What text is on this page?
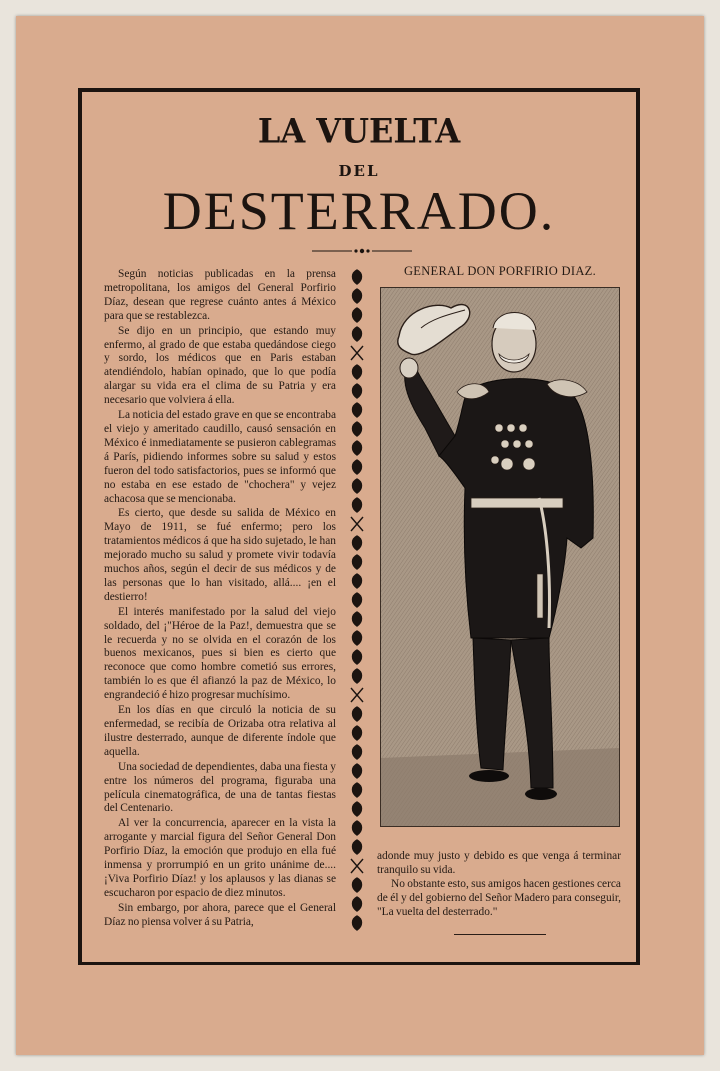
LA VUELTA
DEL
DESTERRADO.

Según noticias publicadas en la prensa metropolitana, los amigos del General Porfirio Díaz, desean que regrese cuánto antes á México para que se restablezca.

Se dijo en un principio, que estando muy enfermo, al grado de que estaba quedándose ciego y sordo, los médicos que en Paris estaban atendiéndolo, habían opinado, que lo que podía alargar su vida era el clima de su Patria y era necesario que volviera á ella.

La noticia del estado grave en que se encontraba el viejo y ameritado caudillo, causó sensación en México é inmediatamente se pusieron cablegramas á París, pidiendo informes sobre su salud y estos fueron del todo satisfactorios, pues se informó que no estaba en ese estado de "chochera" y vejez achacosa que se mencionaba.

Es cierto, que desde su salida de México en Mayo de 1911, se fué enfermo; pero los tratamientos médicos á que ha sido sujetado, le han mejorado mucho su salud y promete vivir todavía muchos años, según el decir de sus médicos y de las personas que lo han visitado, allá.... ¡en el destierro!

El interés manifestado por la salud del viejo soldado, del ¡"Héroe de la Paz!, demuestra que se le recuerda y no se olvida en el corazón de los buenos mexicanos, pues si bien es cierto que reconoce que como hombre cometió sus errores, también lo es que él afianzó la paz de México, lo engrandeció é hizo progresar muchísimo.

En los días en que circuló la noticia de su enfermedad, se recibía de Orizaba otra relativa al ilustre desterrado, aunque de diferente índole que aquella.

Una sociedad de dependientes, daba una fiesta y entre los números del programa, figuraba una película cinematográfica, de una de tantas fiestas del Centenario.

Al ver la concurrencia, aparecer en la vista la arrogante y marcial figura del Señor General Don Porfirio Díaz, la emoción que produjo en ella fué inmensa y prorrumpió en un grito unánime de....¡Viva Porfirio Díaz! y los aplausos y las dianas se escucharon por espacio de diez minutos.

Sin embargo, por ahora, parece que el General Díaz no piensa volver á su Patria,

GENERAL DON PORFIRIO DIAZ.

adonde muy justo y debido es que venga á terminar tranquilo su vida.

No obstante esto, sus amigos hacen gestiones cerca de él y del gobierno del Señor Madero para conseguir, "La vuelta del desterrado."
